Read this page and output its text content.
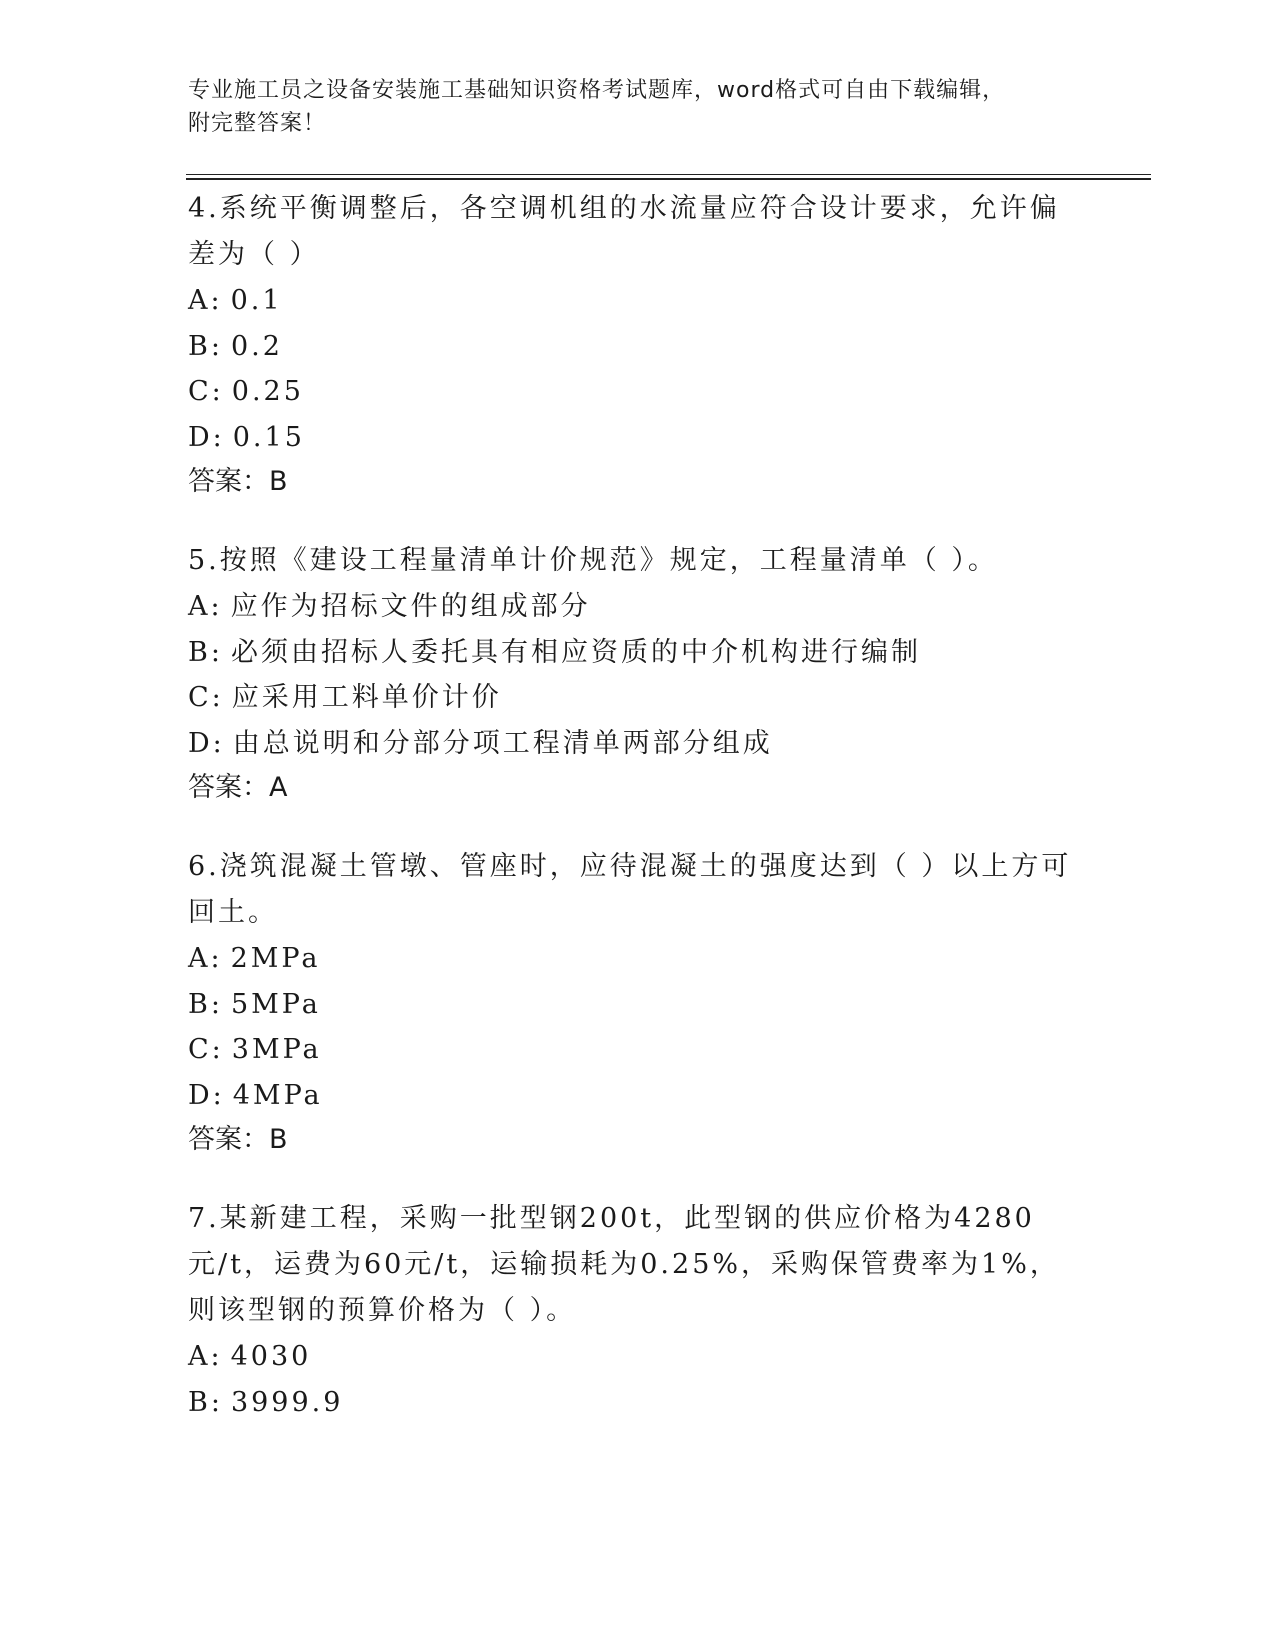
专业施工员之设备安装施工基础知识资格考试题库，word格式可自由下载编辑，
附完整答案！
4.系统平衡调整后，各空调机组的水流量应符合设计要求，允许偏差为（ ）
A: 0.1
B: 0.2
C: 0.25
D: 0.15
答案：B
5.按照《建设工程量清单计价规范》规定，工程量清单（ ）。
A: 应作为招标文件的组成部分
B: 必须由招标人委托具有相应资质的中介机构进行编制
C: 应采用工料单价计价
D: 由总说明和分部分项工程清单两部分组成
答案：A
6.浇筑混凝土管墩、管座时，应待混凝土的强度达到（ ）以上方可回土。
A: 2MPa
B: 5MPa
C: 3MPa
D: 4MPa
答案：B
7.某新建工程，采购一批型钢200t，此型钢的供应价格为4280元/t，运费为60元/t，运输损耗为0.25%，采购保管费率为1%，则该型钢的预算价格为（ ）。
A: 4030
B: 3999.9
